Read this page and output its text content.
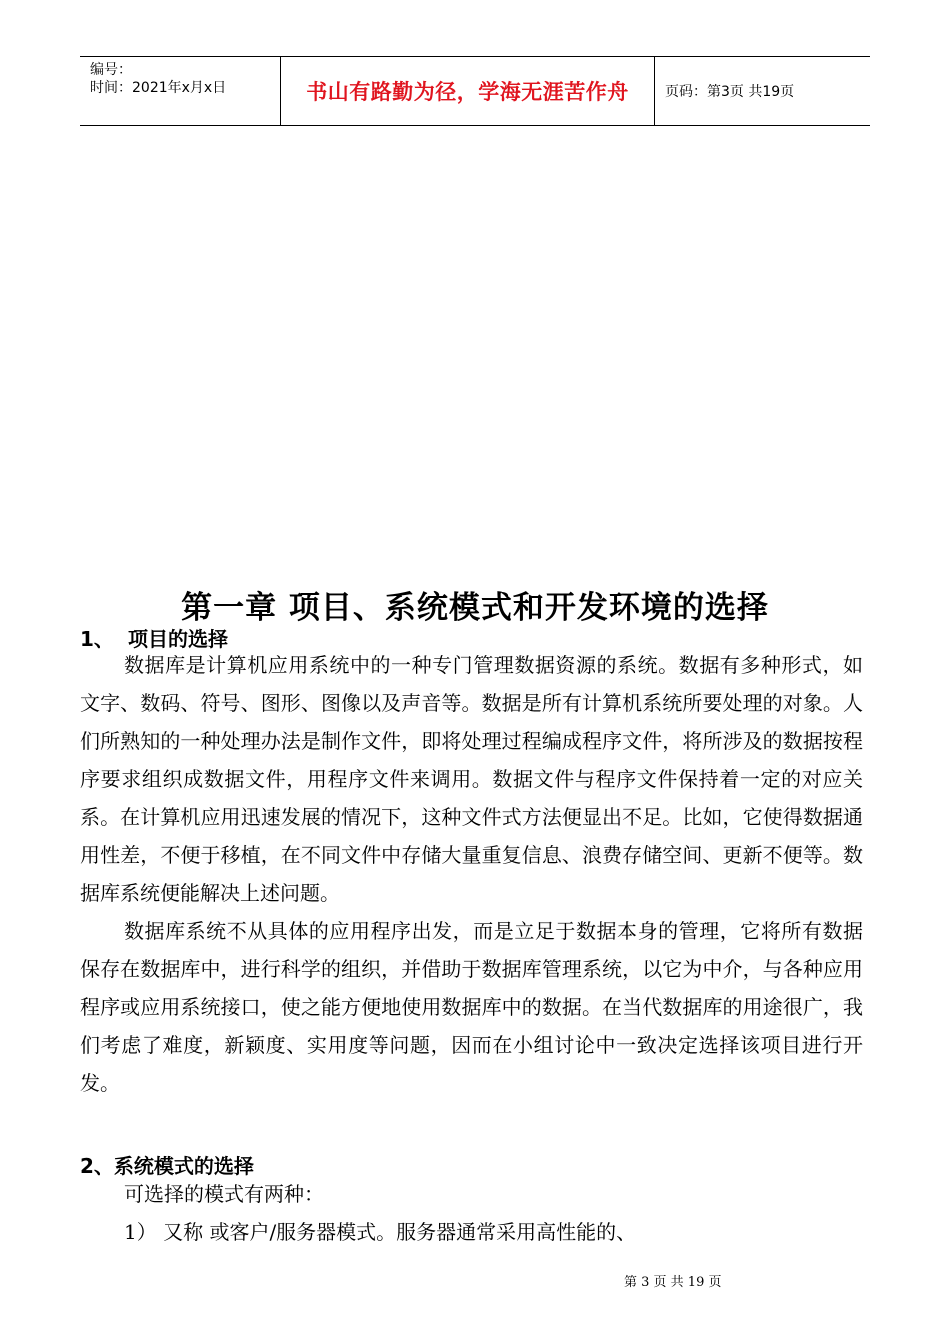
编号：
时间：2021年x月x日	书山有路勤为径，学海无涯苦作舟	页码：第3页 共19页
第一章 项目、系统模式和开发环境的选择
1、 项目的选择

数据库是计算机应用系统中的一种专门管理数据资源的系统。数据有多种形式，如文字、数码、符号、图形、图像以及声音等。数据是所有计算机系统所要处理的对象。人们所熟知的一种处理办法是制作文件，即将处理过程编成程序文件，将所涉及的数据按程序要求组织成数据文件，用程序文件来调用。数据文件与程序文件保持着一定的对应关系。在计算机应用迅速发展的情况下，这种文件式方法便显出不足。比如，它使得数据通用性差，不便于移植，在不同文件中存储大量重复信息、浪费存储空间、更新不便等。数据库系统便能解决上述问题。

数据库系统不从具体的应用程序出发，而是立足于数据本身的管理，它将所有数据保存在数据库中，进行科学的组织，并借助于数据库管理系统，以它为中介，与各种应用程序或应用系统接口，使之能方便地使用数据库中的数据。在当代数据库的用途很广，我们考虑了难度，新颖度、实用度等问题，因而在小组讨论中一致决定选择该项目进行开发。

2、系统模式的选择
可选择的模式有两种：
1） 又称 或客户/服务器模式。服务器通常采用高性能的、
第 3 页 共 19 页
